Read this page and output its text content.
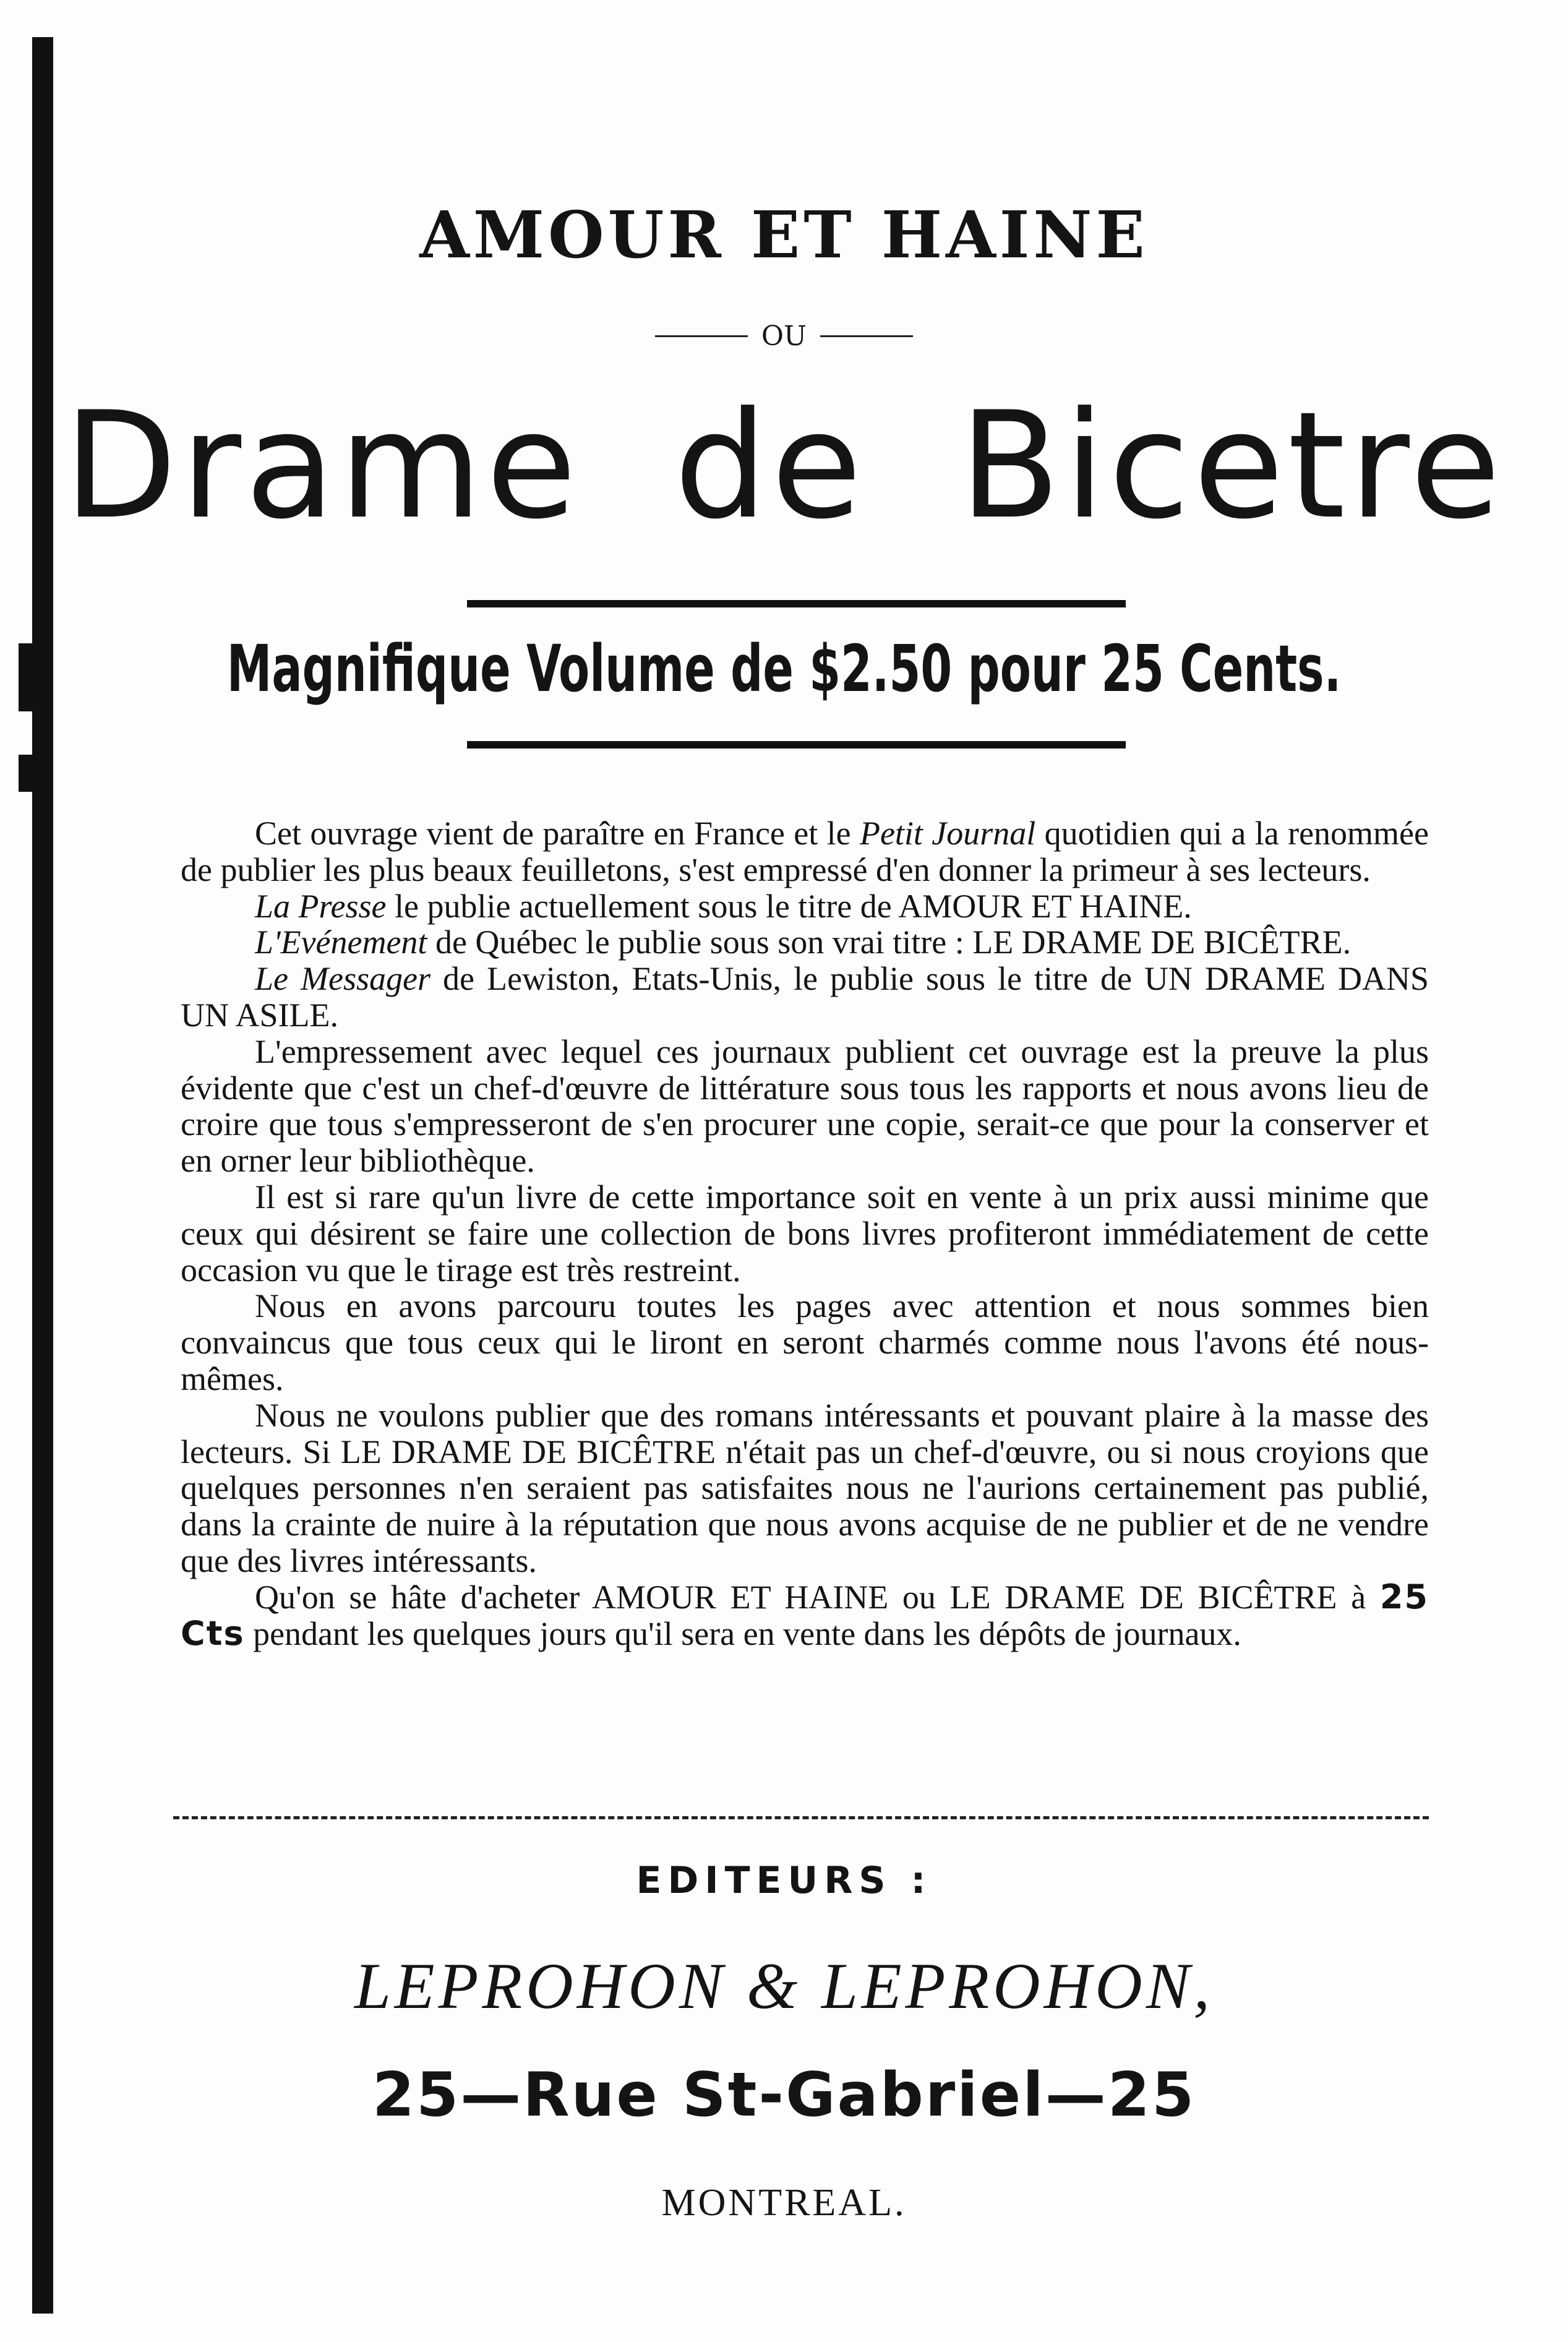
AMOUR ET HAINE
OU
Drame de Bicetre
Magnifique Volume de $2.50 pour 25 Cents.

Cet ouvrage vient de paraître en France et le Petit Journal quotidien qui a la renommée de publier les plus beaux feuilletons, s'est empressé d'en donner la primeur à ses lecteurs.

La Presse le publie actuellement sous le titre de AMOUR ET HAINE.

L'Evénement de Québec le publie sous son vrai titre : LE DRAME DE BICÊTRE.

Le Messager de Lewiston, Etats-Unis, le publie sous le titre de UN DRAME DANS UN ASILE.

L'empressement avec lequel ces journaux publient cet ouvrage est la preuve la plus évidente que c'est un chef-d'œuvre de littérature sous tous les rapports et nous avons lieu de croire que tous s'empresseront de s'en procurer une copie, serait-ce que pour la conserver et en orner leur bibliothèque.

Il est si rare qu'un livre de cette importance soit en vente à un prix aussi minime que ceux qui désirent se faire une collection de bons livres profiteront immédiatement de cette occasion vu que le tirage est très restreint.

Nous en avons parcouru toutes les pages avec attention et nous sommes bien convaincus que tous ceux qui le liront en seront charmés comme nous l'avons été nous-mêmes.

Nous ne voulons publier que des romans intéressants et pouvant plaire à la masse des lecteurs. Si LE DRAME DE BICÊTRE n'était pas un chef-d'œuvre, ou si nous croyions que quelques personnes n'en seraient pas satisfaites nous ne l'aurions certainement pas publié, dans la crainte de nuire à la réputation que nous avons acquise de ne publier et de ne vendre que des livres intéressants.

Qu'on se hâte d'acheter AMOUR ET HAINE ou LE DRAME DE BICÊTRE à 25 Cts pendant les quelques jours qu'il sera en vente dans les dépôts de journaux.

EDITEURS :
LEPROHON & LEPROHON,
25—Rue St-Gabriel—25
MONTREAL.
